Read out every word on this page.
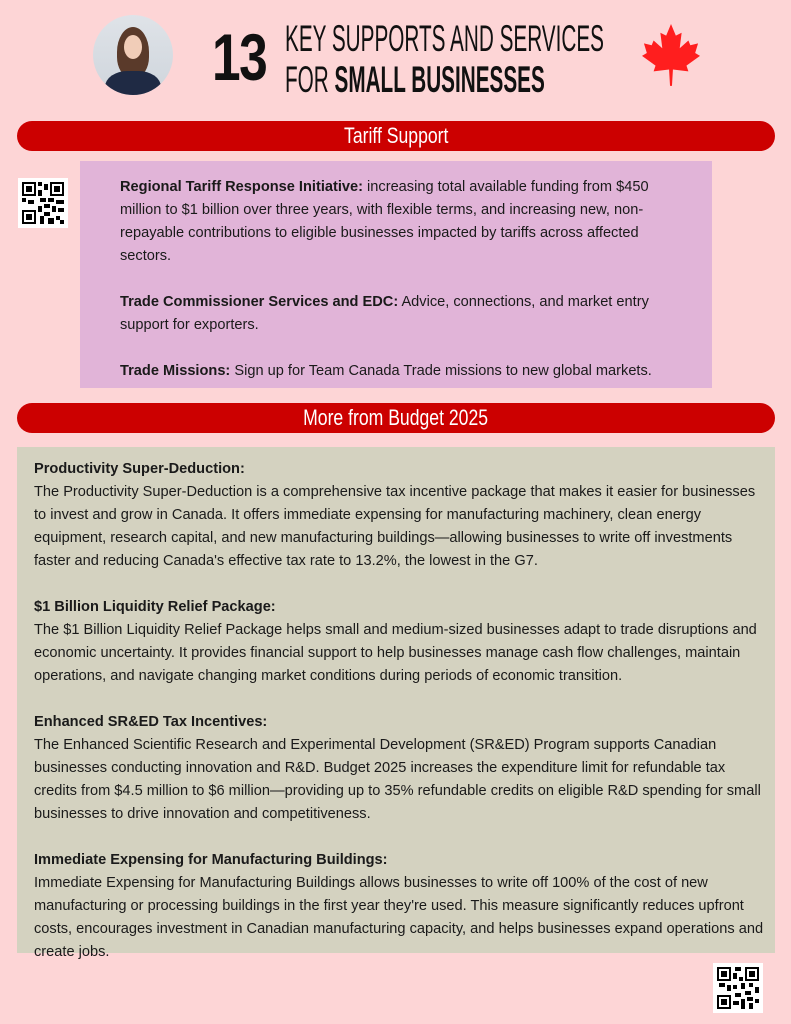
13 KEY SUPPORTS AND SERVICES
FOR SMALL BUSINESSES
Tariff Support

Regional Tariff Response Initiative: increasing total available funding from $450 million to $1 billion over three years, with flexible terms, and increasing new, non-repayable contributions to eligible businesses impacted by tariffs across affected sectors.

Trade Commissioner Services and EDC: Advice, connections, and market entry support for exporters.

Trade Missions: Sign up for Team Canada Trade missions to new global markets.

More from Budget 2025
Productivity Super-Deduction:
The Productivity Super-Deduction is a comprehensive tax incentive package that makes it easier for businesses to invest and grow in Canada. It offers immediate expensing for manufacturing machinery, clean energy equipment, research capital, and new manufacturing buildings—allowing businesses to write off investments faster and reducing Canada's effective tax rate to 13.2%, the lowest in the G7.
$1 Billion Liquidity Relief Package:
The $1 Billion Liquidity Relief Package helps small and medium-sized businesses adapt to trade disruptions and economic uncertainty. It provides financial support to help businesses manage cash flow challenges, maintain operations, and navigate changing market conditions during periods of economic transition.
Enhanced SR&ED Tax Incentives:
The Enhanced Scientific Research and Experimental Development (SR&ED) Program supports Canadian businesses conducting innovation and R&D. Budget 2025 increases the expenditure limit for refundable tax credits from $4.5 million to $6 million—providing up to 35% refundable credits on eligible R&D spending for small businesses to drive innovation and competitiveness.
Immediate Expensing for Manufacturing Buildings:
Immediate Expensing for Manufacturing Buildings allows businesses to write off 100% of the cost of new manufacturing or processing buildings in the first year they're used. This measure significantly reduces upfront costs, encourages investment in Canadian manufacturing capacity, and helps businesses expand operations and create jobs.
